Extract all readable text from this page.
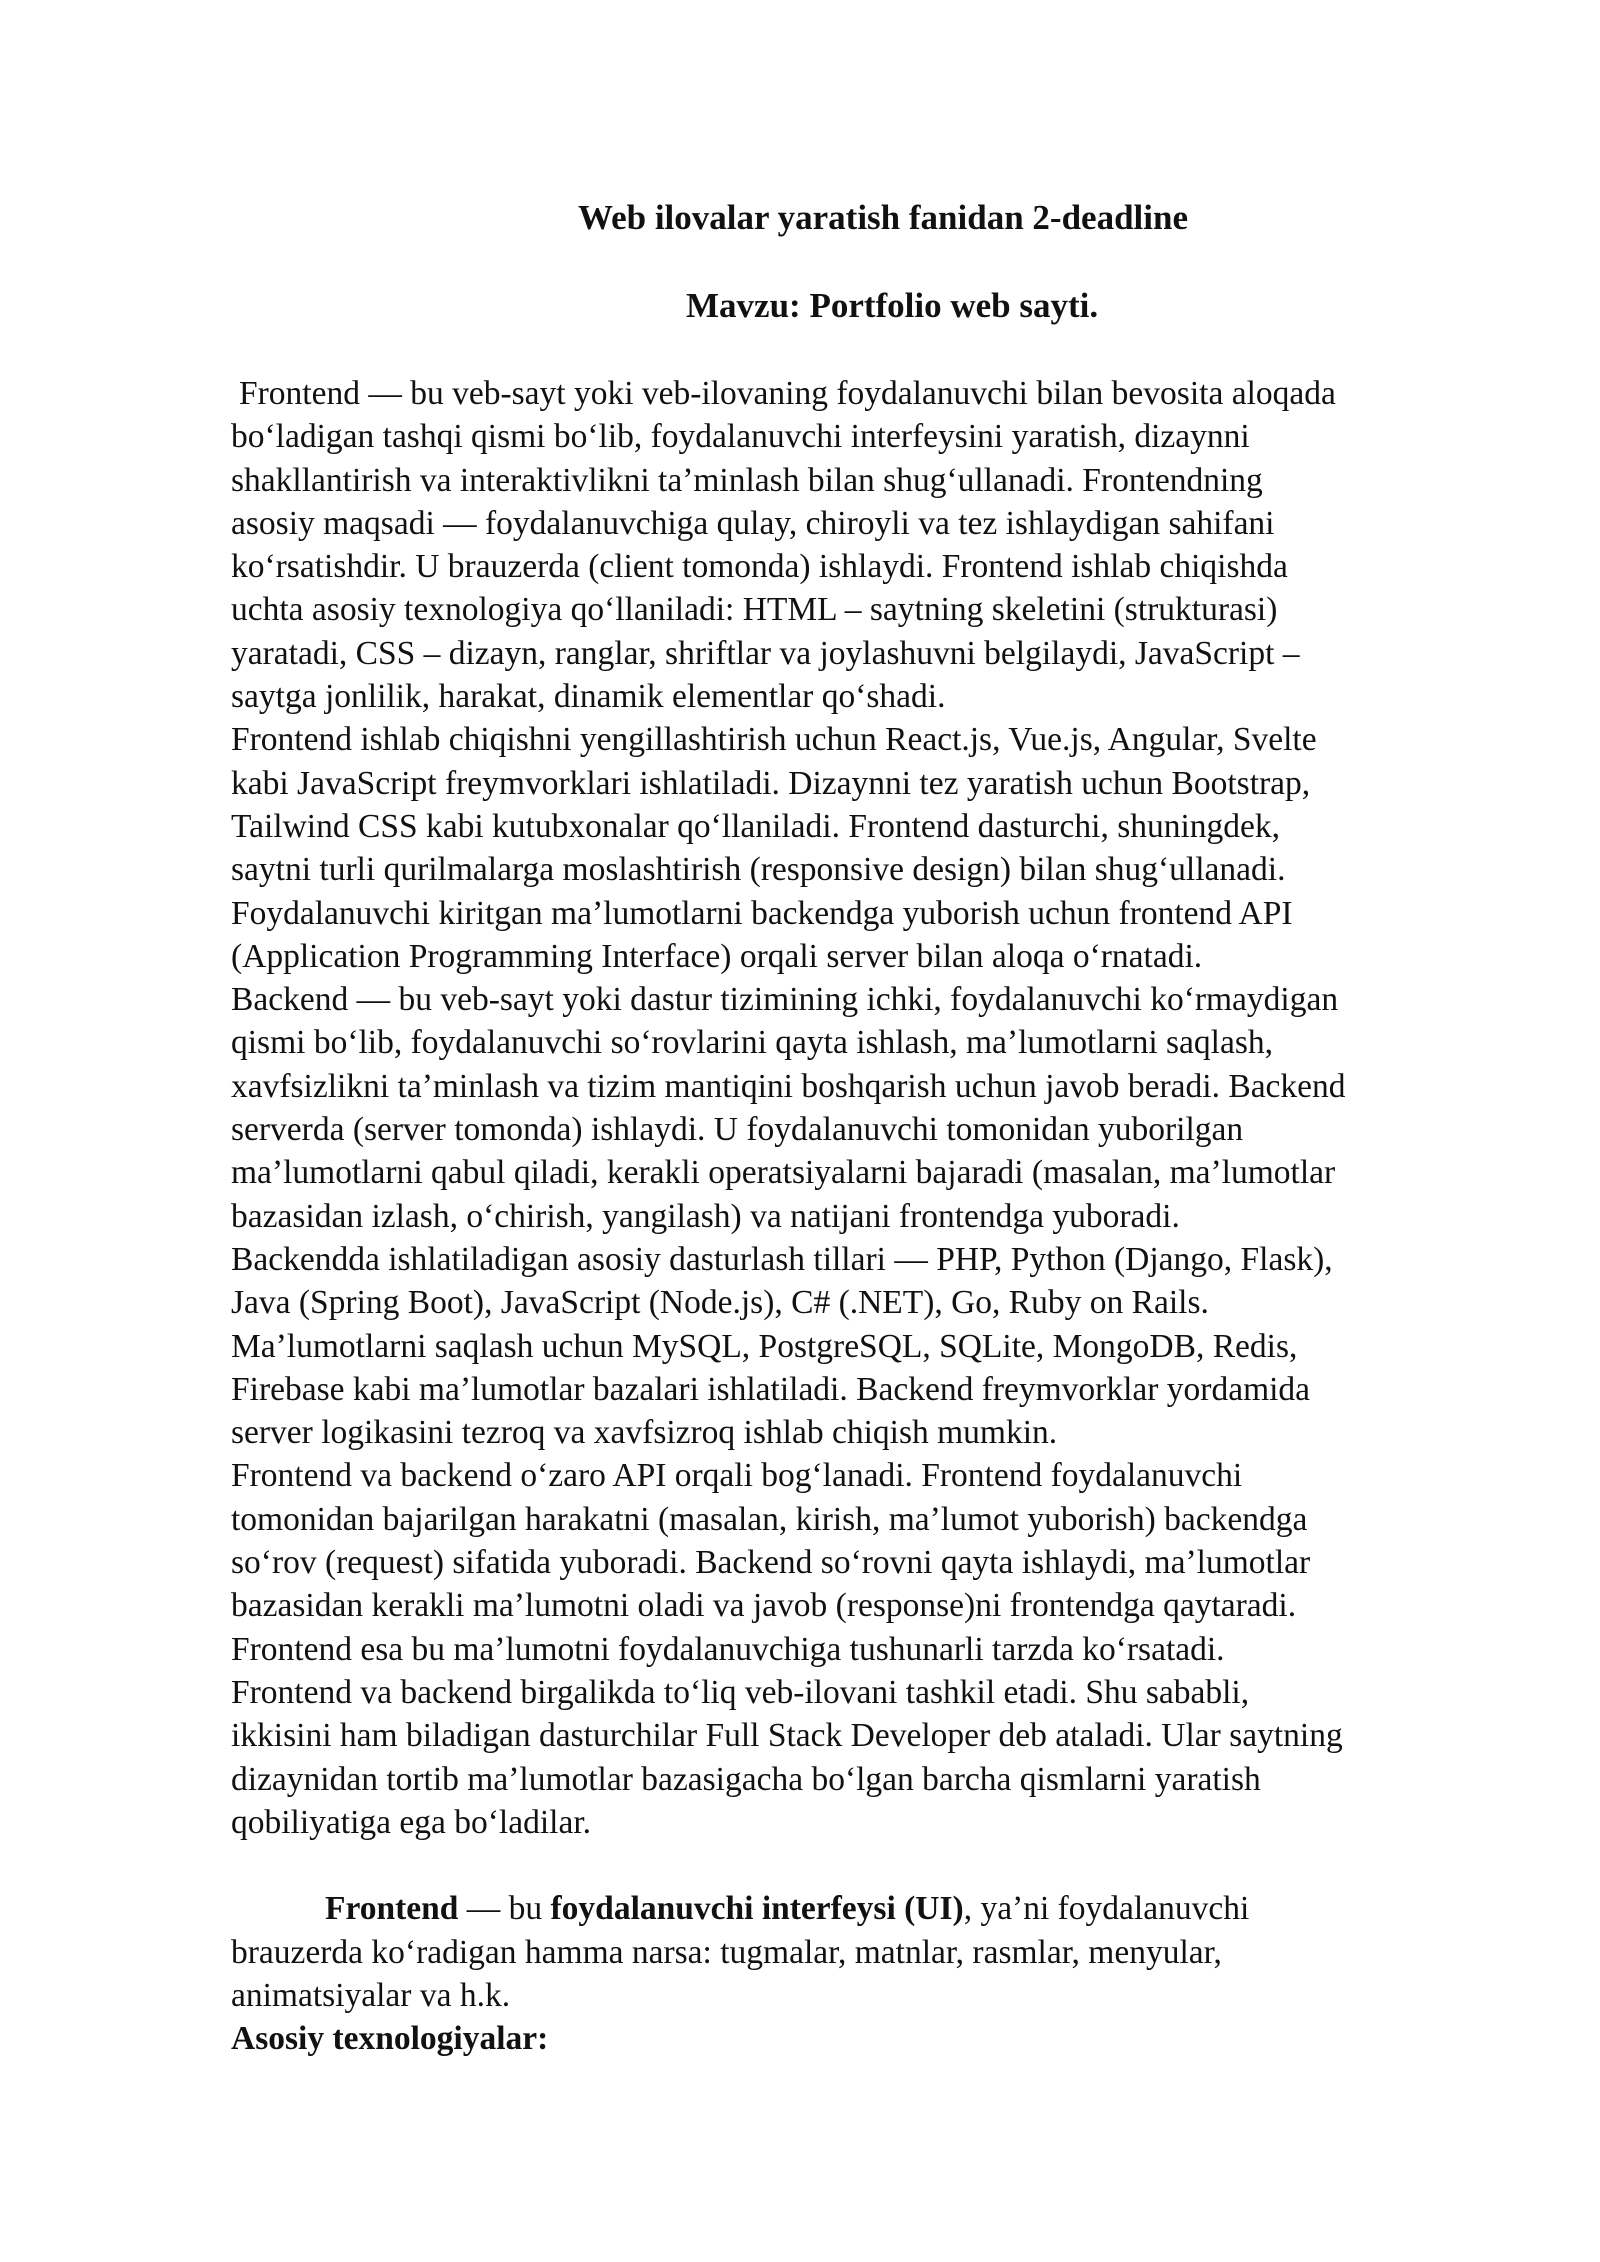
Web ilovalar yaratish fanidan 2-deadline
Mavzu: Portfolio web sayti.
Frontend — bu veb-sayt yoki veb-ilovaning foydalanuvchi bilan bevosita aloqada
boʻladigan tashqi qismi boʻlib, foydalanuvchi interfeysini yaratish, dizaynni
shakllantirish va interaktivlikni taʼminlash bilan shugʻullanadi. Frontendning
asosiy maqsadi — foydalanuvchiga qulay, chiroyli va tez ishlaydigan sahifani
koʻrsatishdir. U brauzerda (client tomonda) ishlaydi. Frontend ishlab chiqishda
uchta asosiy texnologiya qoʻllaniladi: HTML – saytning skeletini (strukturasi)
yaratadi, CSS – dizayn, ranglar, shriftlar va joylashuvni belgilaydi, JavaScript –
saytga jonlilik, harakat, dinamik elementlar qoʻshadi.
Frontend ishlab chiqishni yengillashtirish uchun React.js, Vue.js, Angular, Svelte
kabi JavaScript freymvorklari ishlatiladi. Dizaynni tez yaratish uchun Bootstrap,
Tailwind CSS kabi kutubxonalar qoʻllaniladi. Frontend dasturchi, shuningdek,
saytni turli qurilmalarga moslashtirish (responsive design) bilan shugʻullanadi.
Foydalanuvchi kiritgan maʼlumotlarni backendga yuborish uchun frontend API
(Application Programming Interface) orqali server bilan aloqa oʻrnatadi.
Backend — bu veb-sayt yoki dastur tizimining ichki, foydalanuvchi koʻrmaydigan
qismi boʻlib, foydalanuvchi soʻrovlarini qayta ishlash, maʼlumotlarni saqlash,
xavfsizlikni taʼminlash va tizim mantiqini boshqarish uchun javob beradi. Backend
serverda (server tomonda) ishlaydi. U foydalanuvchi tomonidan yuborilgan
maʼlumotlarni qabul qiladi, kerakli operatsiyalarni bajaradi (masalan, maʼlumotlar
bazasidan izlash, oʻchirish, yangilash) va natijani frontendga yuboradi.
Backendda ishlatiladigan asosiy dasturlash tillari — PHP, Python (Django, Flask),
Java (Spring Boot), JavaScript (Node.js), C# (.NET), Go, Ruby on Rails.
Maʼlumotlarni saqlash uchun MySQL, PostgreSQL, SQLite, MongoDB, Redis,
Firebase kabi maʼlumotlar bazalari ishlatiladi. Backend freymvorklar yordamida
server logikasini tezroq va xavfsizroq ishlab chiqish mumkin.
Frontend va backend oʻzaro API orqali bogʻlanadi. Frontend foydalanuvchi
tomonidan bajarilgan harakatni (masalan, kirish, maʼlumot yuborish) backendga
soʻrov (request) sifatida yuboradi. Backend soʻrovni qayta ishlaydi, maʼlumotlar
bazasidan kerakli maʼlumotni oladi va javob (response)ni frontendga qaytaradi.
Frontend esa bu maʼlumotni foydalanuvchiga tushunarli tarzda koʻrsatadi.
Frontend va backend birgalikda toʻliq veb-ilovani tashkil etadi. Shu sababli,
ikkisini ham biladigan dasturchilar Full Stack Developer deb ataladi. Ular saytning
dizaynidan tortib maʼlumotlar bazasigacha boʻlgan barcha qismlarni yaratish
qobiliyatiga ega boʻladilar.
Frontend — bu foydalanuvchi interfeysi (UI), yaʼni foydalanuvchi
brauzerda koʻradigan hamma narsa: tugmalar, matnlar, rasmlar, menyular,
animatsiyalar va h.k.
Asosiy texnologiyalar:
